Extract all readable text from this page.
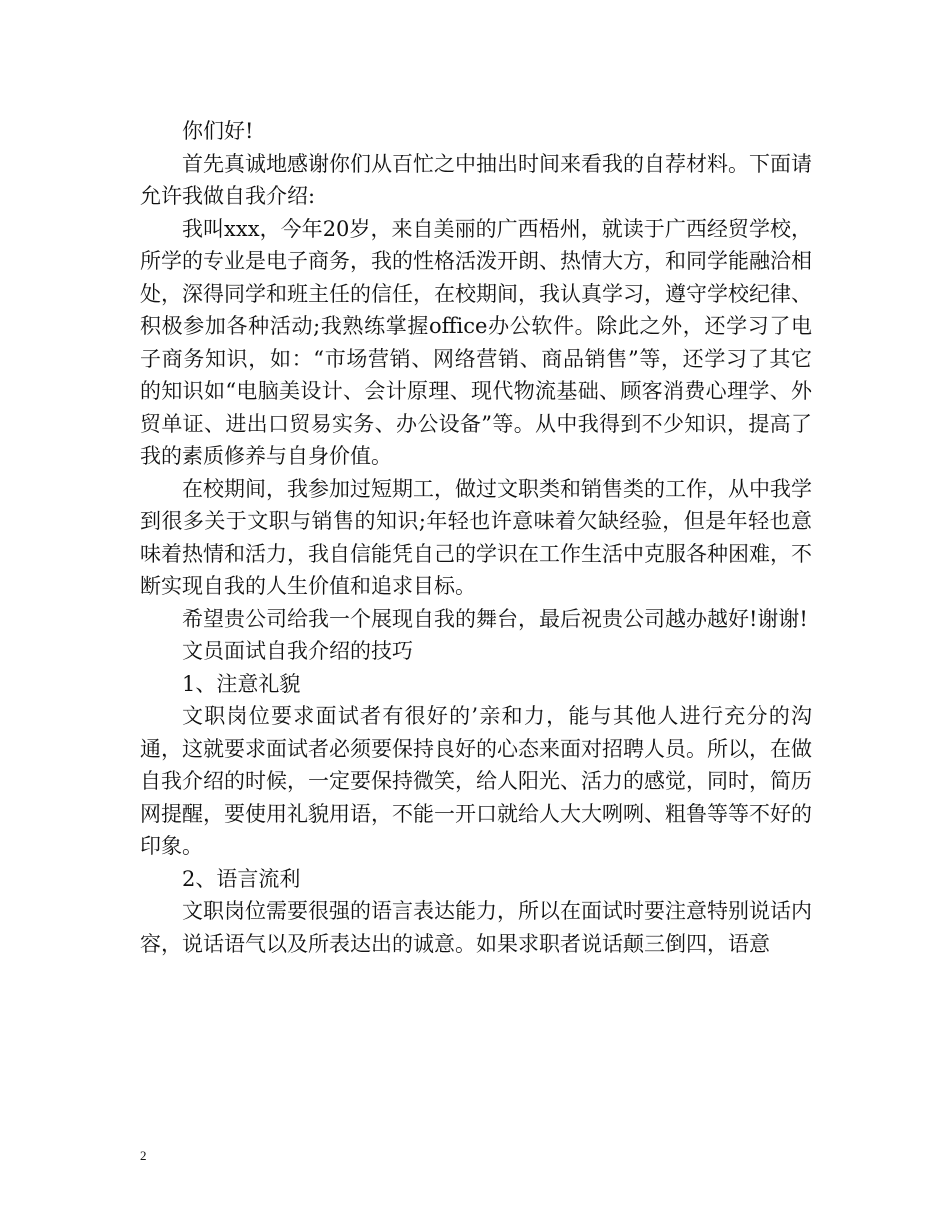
你们好!

首先真诚地感谢你们从百忙之中抽出时间来看我的自荐材料。下面请允许我做自我介绍:

我叫xxx，今年20岁，来自美丽的广西梧州，就读于广西经贸学校，所学的专业是电子商务，我的性格活泼开朗、热情大方，和同学能融洽相处，深得同学和班主任的信任，在校期间，我认真学习，遵守学校纪律、积极参加各种活动;我熟练掌握office办公软件。除此之外，还学习了电子商务知识，如：“市场营销、网络营销、商品销售”等，还学习了其它的知识如“电脑美设计、会计原理、现代物流基础、顾客消费心理学、外贸单证、进出口贸易实务、办公设备”等。从中我得到不少知识，提高了我的素质修养与自身价值。

在校期间，我参加过短期工，做过文职类和销售类的工作，从中我学到很多关于文职与销售的知识;年轻也许意味着欠缺经验，但是年轻也意味着热情和活力，我自信能凭自己的学识在工作生活中克服各种困难，不断实现自我的人生价值和追求目标。

希望贵公司给我一个展现自我的舞台，最后祝贵公司越办越好!谢谢!

文员面试自我介绍的技巧

1、注意礼貌

文职岗位要求面试者有很好的’亲和力，能与其他人进行充分的沟通，这就要求面试者必须要保持良好的心态来面对招聘人员。所以，在做自我介绍的时候，一定要保持微笑，给人阳光、活力的感觉，同时，简历网提醒，要使用礼貌用语，不能一开口就给人大大咧咧、粗鲁等等不好的印象。

2、语言流利

文职岗位需要很强的语言表达能力，所以在面试时要注意特别说话内容，说话语气以及所表达出的诚意。如果求职者说话颠三倒四，语意

2
